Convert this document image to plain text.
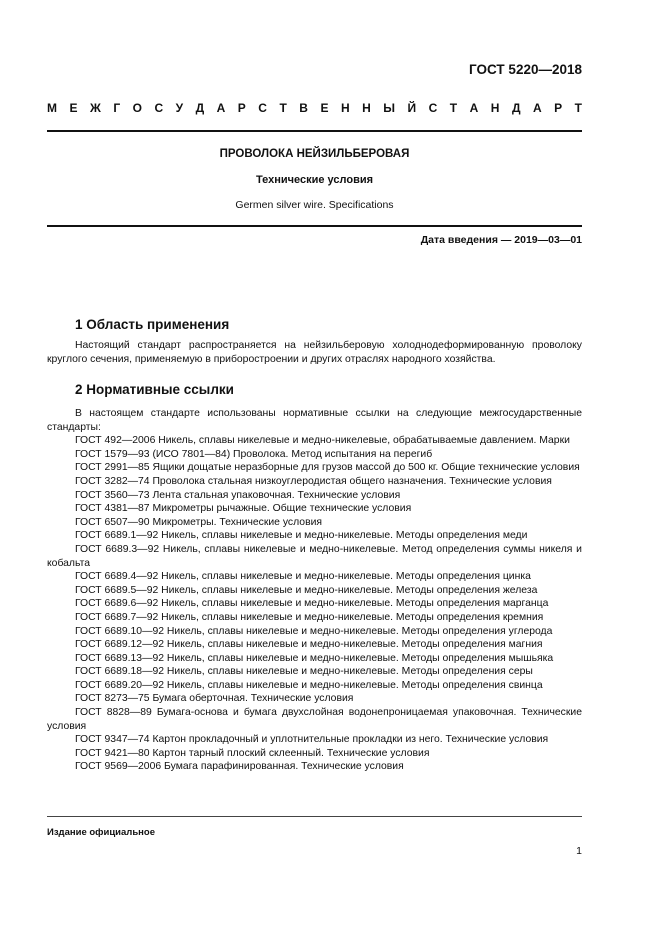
ГОСТ 5220—2018
М Е Ж Г О С У Д А Р С Т В Е Н Н Ы Й С Т А Н Д А Р Т
ПРОВОЛОКА НЕЙЗИЛЬБЕРОВАЯ
Технические условия
Germen silver wire. Specifications
Дата введения — 2019—03—01
1 Область применения
Настоящий стандарт распространяется на нейзильберовую холоднодеформированную проволоку круглого сечения, применяемую в приборостроении и других отраслях народного хозяйства.
2 Нормативные ссылки

В настоящем стандарте использованы нормативные ссылки на следующие межгосударственные стандарты:

ГОСТ 492—2006 Никель, сплавы никелевые и медно-никелевые, обрабатываемые давлением. Марки

ГОСТ 1579—93 (ИСО 7801—84) Проволока. Метод испытания на перегиб

ГОСТ 2991—85 Ящики дощатые неразборные для грузов массой до 500 кг. Общие технические условия

ГОСТ 3282—74 Проволока стальная низкоуглеродистая общего назначения. Технические условия

ГОСТ 3560—73 Лента стальная упаковочная. Технические условия

ГОСТ 4381—87 Микрометры рычажные. Общие технические условия

ГОСТ 6507—90 Микрометры. Технические условия

ГОСТ 6689.1—92 Никель, сплавы никелевые и медно-никелевые. Методы определения меди

ГОСТ 6689.3—92 Никель, сплавы никелевые и медно-никелевые. Метод определения суммы никеля и кобальта

ГОСТ 6689.4—92 Никель, сплавы никелевые и медно-никелевые. Методы определения цинка

ГОСТ 6689.5—92 Никель, сплавы никелевые и медно-никелевые. Методы определения железа

ГОСТ 6689.6—92 Никель, сплавы никелевые и медно-никелевые. Методы определения марганца

ГОСТ 6689.7—92 Никель, сплавы никелевые и медно-никелевые. Методы определения кремния

ГОСТ 6689.10—92 Никель, сплавы никелевые и медно-никелевые. Методы определения углерода

ГОСТ 6689.12—92 Никель, сплавы никелевые и медно-никелевые. Методы определения магния

ГОСТ 6689.13—92 Никель, сплавы никелевые и медно-никелевые. Методы определения мышьяка

ГОСТ 6689.18—92 Никель, сплавы никелевые и медно-никелевые. Методы определения серы

ГОСТ 6689.20—92 Никель, сплавы никелевые и медно-никелевые. Методы определения свинца

ГОСТ 8273—75 Бумага оберточная. Технические условия

ГОСТ 8828—89 Бумага-основа и бумага двухслойная водонепроницаемая упаковочная. Технические условия

ГОСТ 9347—74 Картон прокладочный и уплотнительные прокладки из него. Технические условия

ГОСТ 9421—80 Картон тарный плоский склеенный. Технические условия

ГОСТ 9569—2006 Бумага парафинированная. Технические условия

Издание официальное
1
